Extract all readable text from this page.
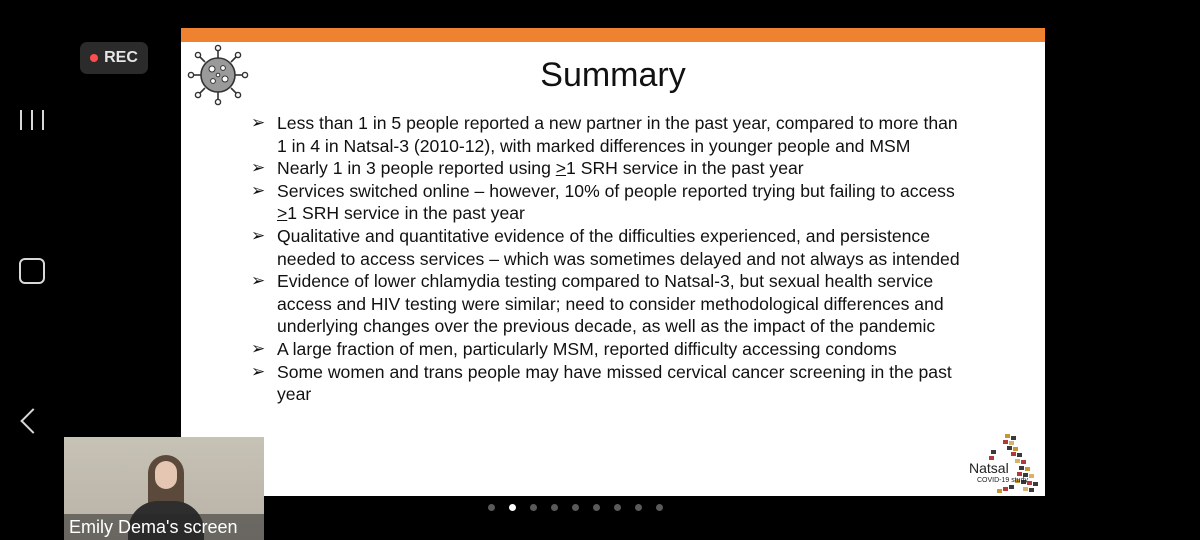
REC	Summary
➢ Less than 1 in 5 people reported a new partner in the past year, compared to more than 1 in 4 in Natsal-3 (2010-12), with marked differences in younger people and MSM
➢ Nearly 1 in 3 people reported using >1 SRH service in the past year
➢ Services switched online – however, 10% of people reported trying but failing to access >1 SRH service in the past year
➢ Qualitative and quantitative evidence of the difficulties experienced, and persistence needed to access services – which was sometimes delayed and not always as intended
➢ Evidence of lower chlamydia testing compared to Natsal-3, but sexual health service access and HIV testing were similar; need to consider methodological differences and underlying changes over the previous decade, as well as the impact of the pandemic
➢ A large fraction of men, particularly MSM, reported difficulty accessing condoms
➢ Some women and trans people may have missed cervical cancer screening in the past year
Natsal
COVID-19 study
Emily Dema's screen
